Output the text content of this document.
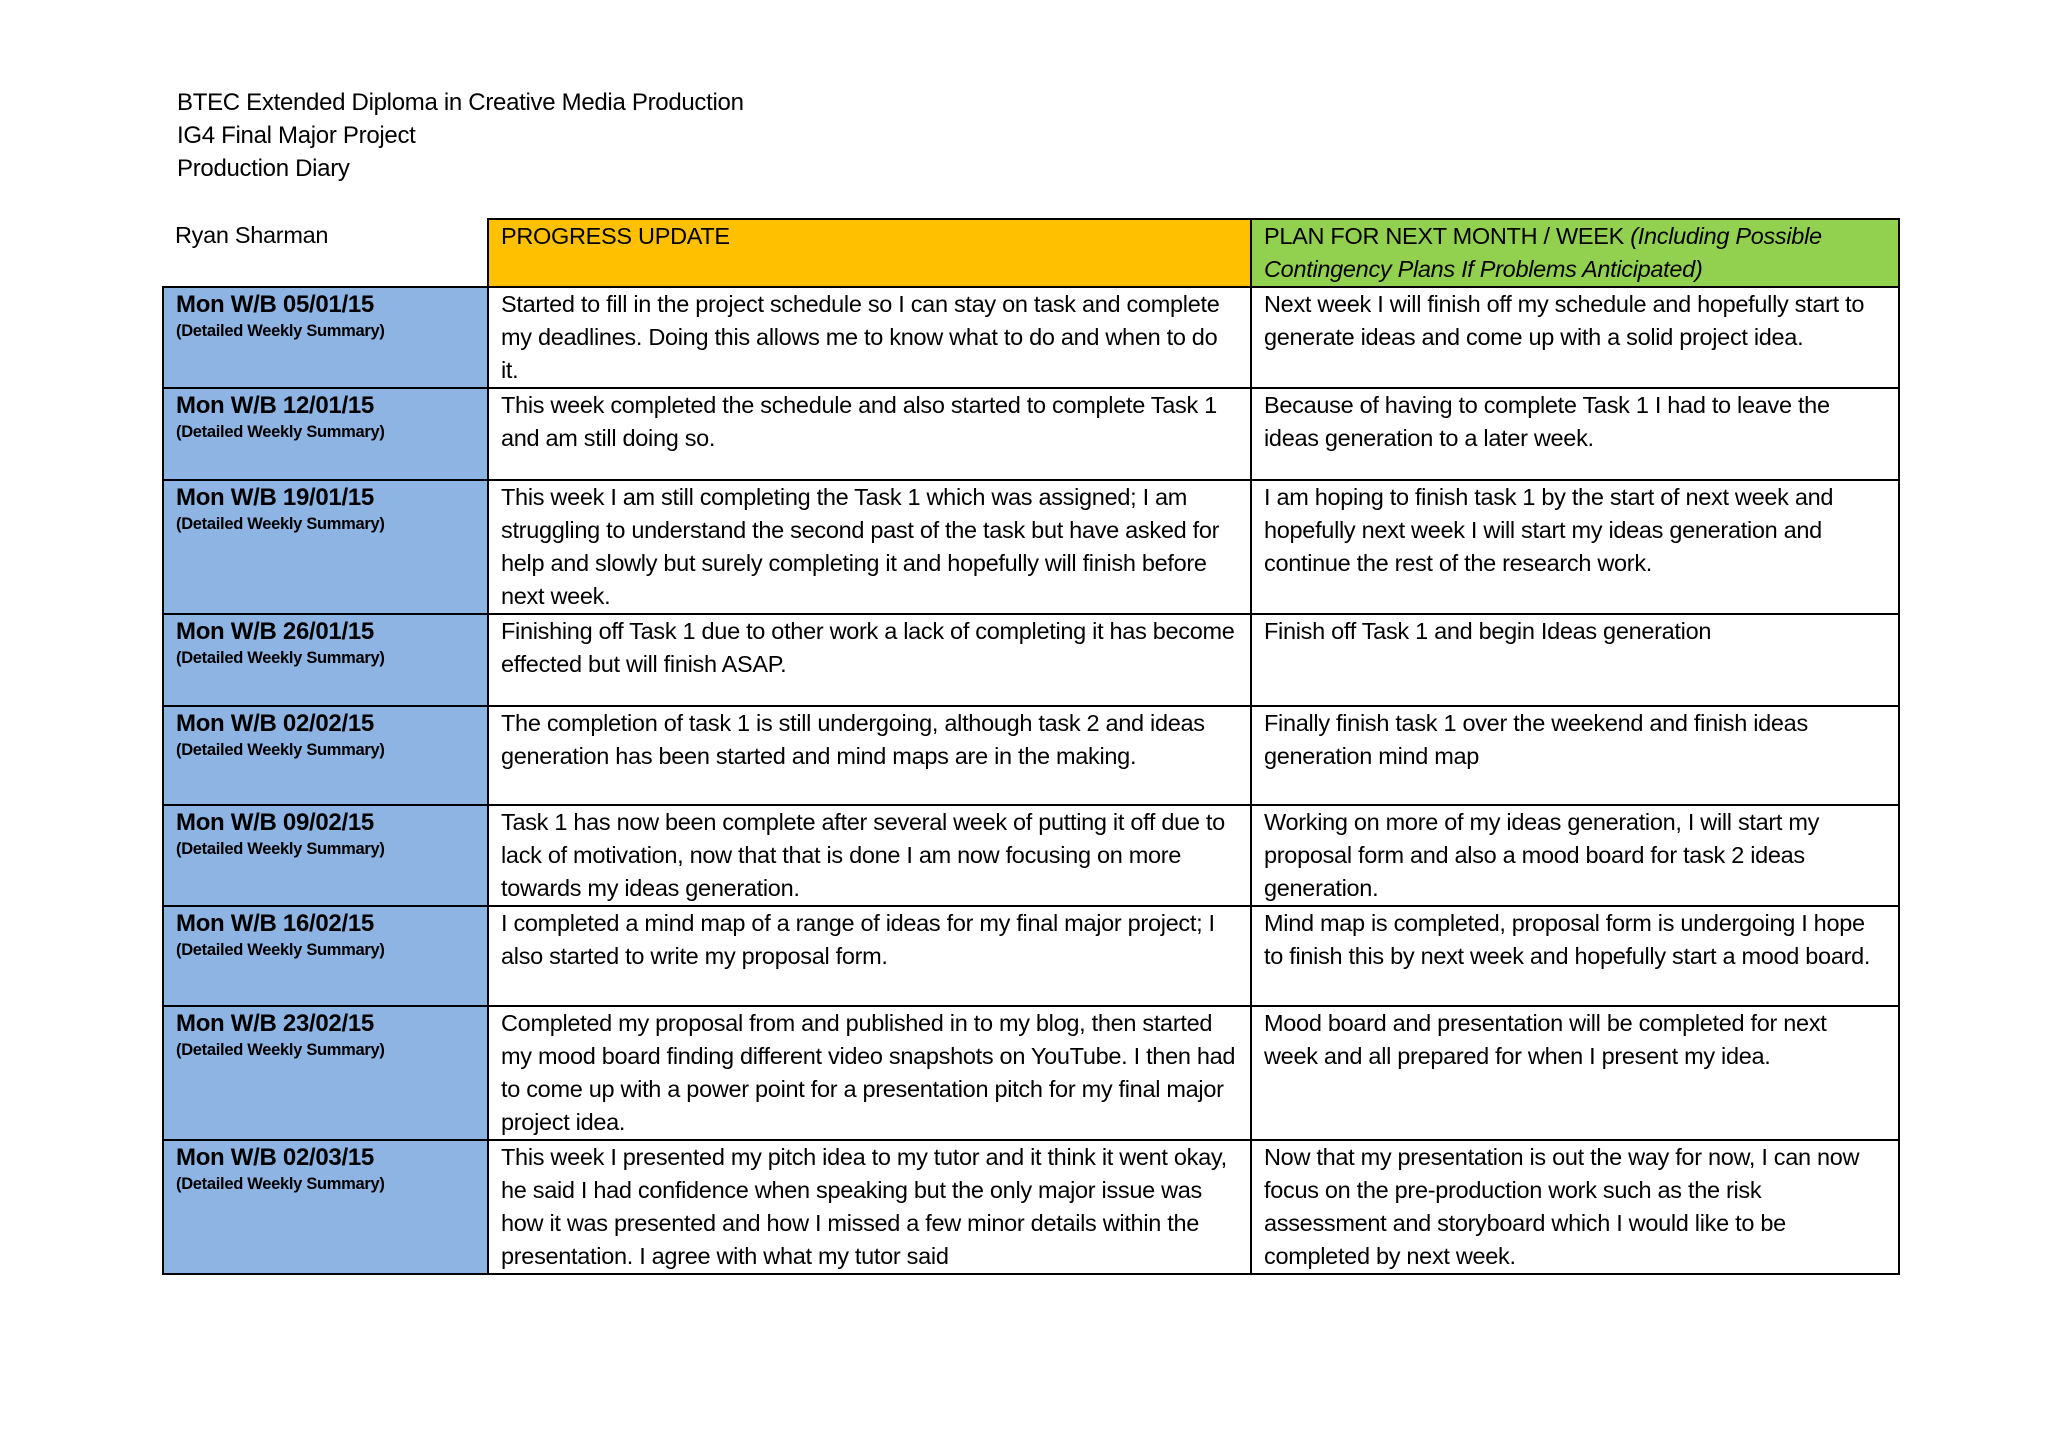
BTEC Extended Diploma in Creative Media Production
IG4 Final Major Project
Production Diary
Ryan Sharman	PROGRESS UPDATE	PLAN FOR NEXT MONTH / WEEK (Including Possible Contingency Plans If Problems Anticipated)

Mon W/B 05/01/15
(Detailed Weekly Summary)	Started to fill in the project schedule so I can stay on task and complete my deadlines. Doing this allows me to know what to do and when to do it.	Next week I will finish off my schedule and hopefully start to generate ideas and come up with a solid project idea.

Mon W/B 12/01/15
(Detailed Weekly Summary)	This week completed the schedule and also started to complete Task 1 and am still doing so.	Because of having to complete Task 1 I had to leave the ideas generation to a later week.

Mon W/B 19/01/15
(Detailed Weekly Summary)	This week I am still completing the Task 1 which was assigned; I am struggling to understand the second past of the task but have asked for help and slowly but surely completing it and hopefully will finish before next week.	I am hoping to finish task 1 by the start of next week and hopefully next week I will start my ideas generation and continue the rest of the research work.

Mon W/B 26/01/15
(Detailed Weekly Summary)	Finishing off Task 1 due to other work a lack of completing it has become effected but will finish ASAP.	Finish off Task 1 and begin Ideas generation

Mon W/B 02/02/15
(Detailed Weekly Summary)	The completion of task 1 is still undergoing, although task 2 and ideas generation has been started and mind maps are in the making.	Finally finish task 1 over the weekend and finish ideas generation mind map

Mon W/B 09/02/15
(Detailed Weekly Summary)	Task 1 has now been complete after several week of putting it off due to lack of motivation, now that that is done I am now focusing on more towards my ideas generation.	Working on more of my ideas generation, I will start my proposal form and also a mood board for task 2 ideas generation.

Mon W/B 16/02/15
(Detailed Weekly Summary)	I completed a mind map of a range of ideas for my final major project; I also started to write my proposal form.	Mind map is completed, proposal form is undergoing I hope to finish this by next week and hopefully start a mood board.

Mon W/B 23/02/15
(Detailed Weekly Summary)	Completed my proposal from and published in to my blog, then started my mood board finding different video snapshots on YouTube. I then had to come up with a power point for a presentation pitch for my final major project idea.	Mood board and presentation will be completed for next week and all prepared for when I present my idea.

Mon W/B 02/03/15
(Detailed Weekly Summary)	This week I presented my pitch idea to my tutor and it think it went okay, he said I had confidence when speaking but the only major issue was how it was presented and how I missed a few minor details within the presentation. I agree with what my tutor said	Now that my presentation is out the way for now, I can now focus on the pre-production work such as the risk assessment and storyboard which I would like to be completed by next week.
